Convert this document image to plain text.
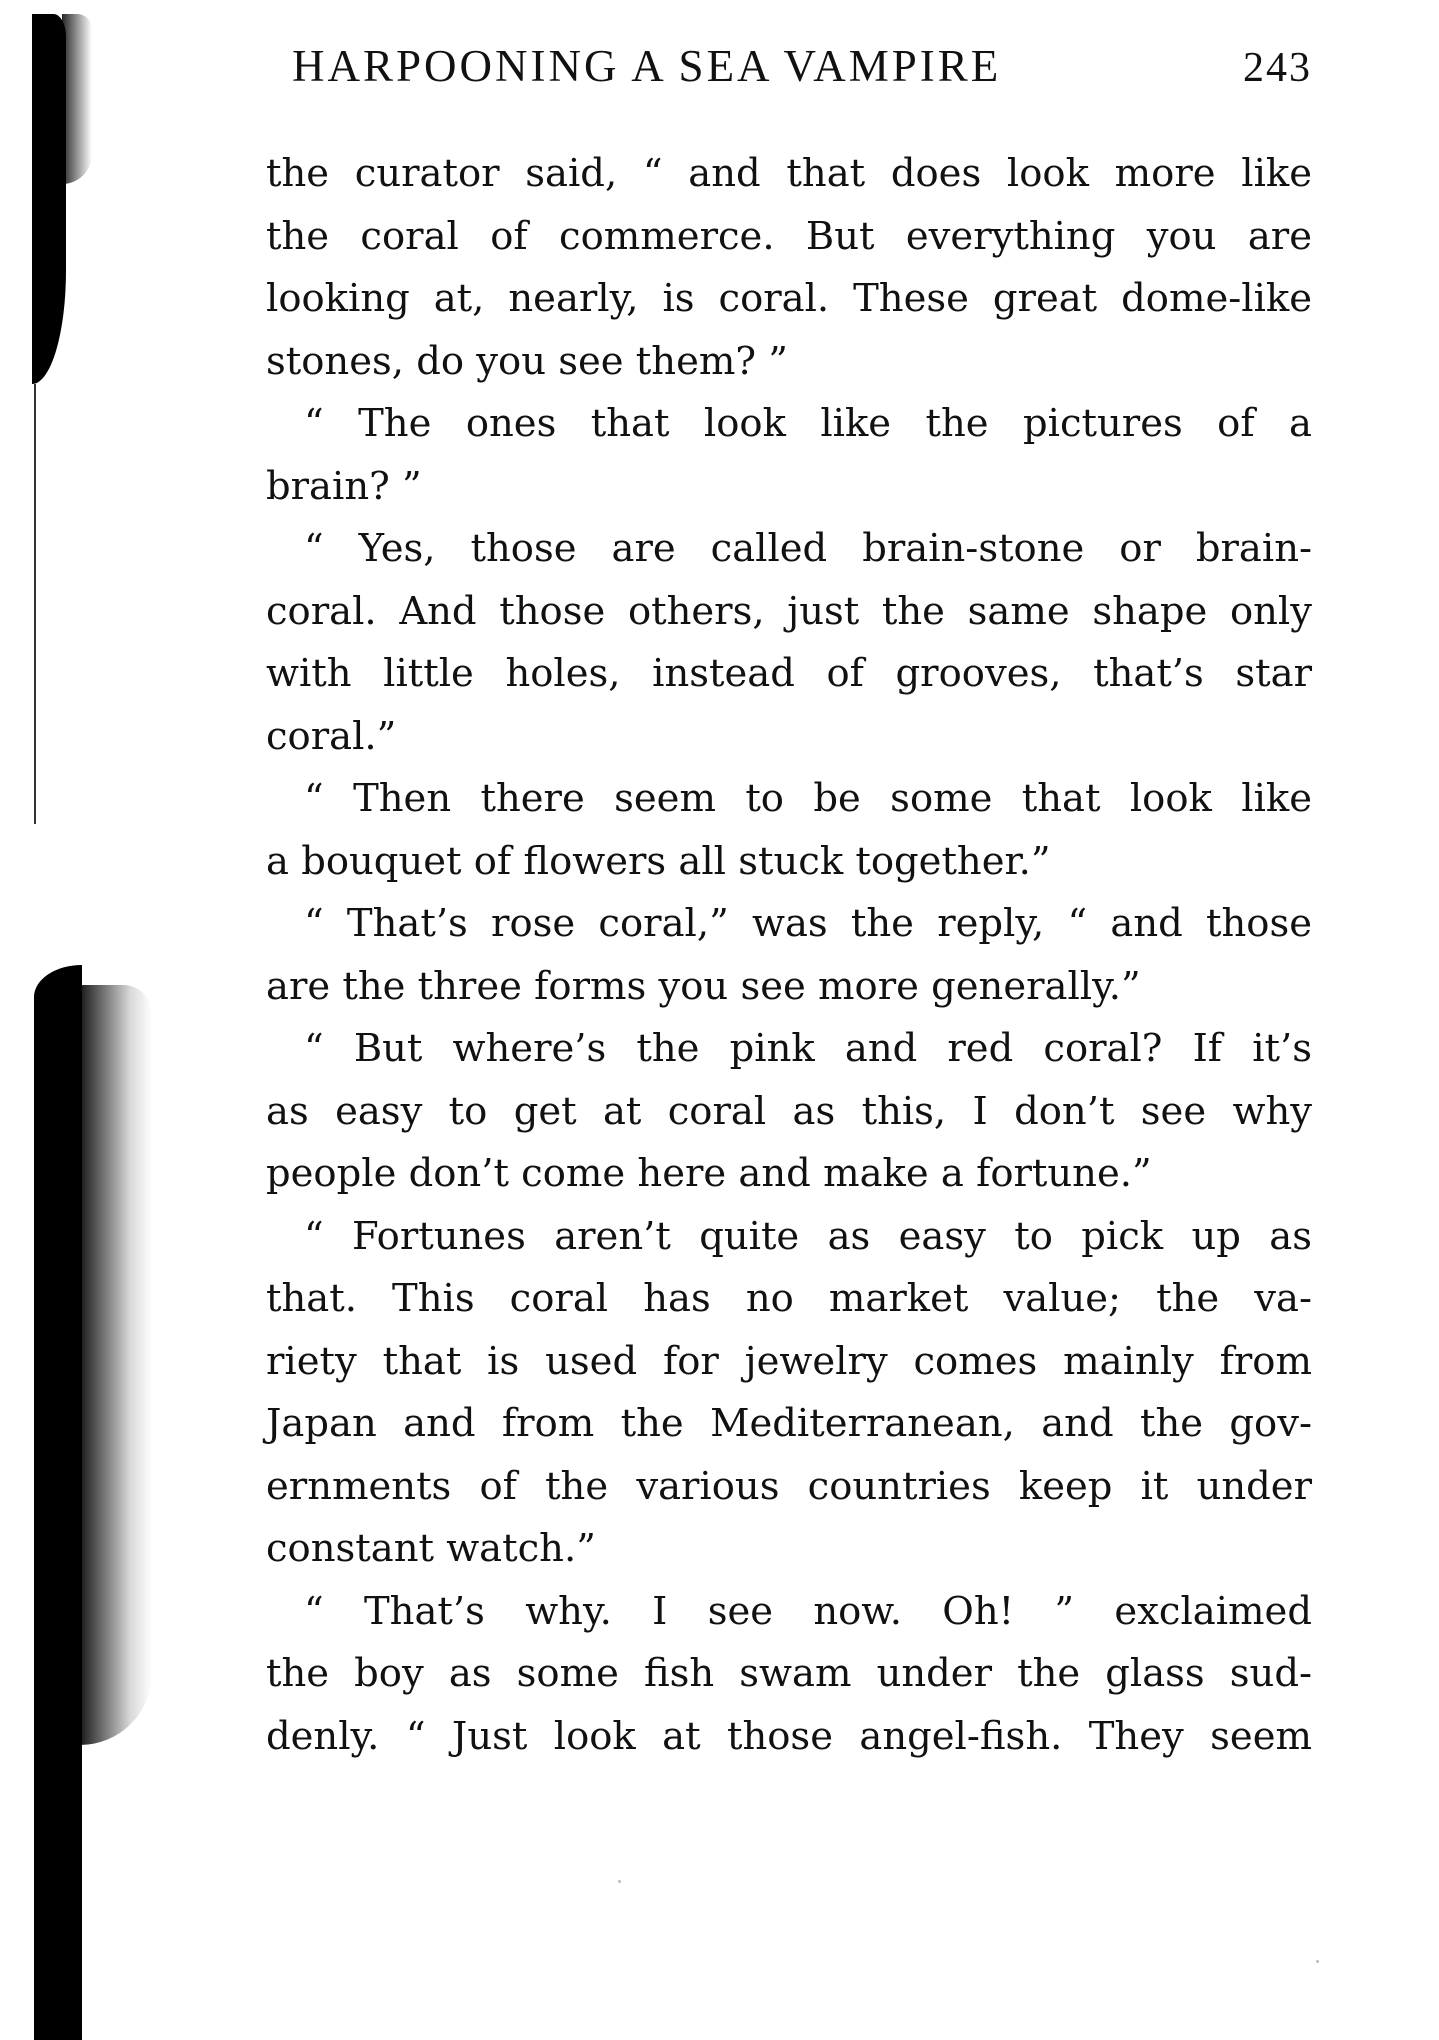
HARPOONING A SEA VAMPIRE	243
the curator said, “ and that does look more like
the coral of commerce. But everything you are
looking at, nearly, is coral. These great dome-like
stones, do you see them? ”
“ The ones that look like the pictures of a
brain? ”
“ Yes, those are called brain-stone or brain-
coral. And those others, just the same shape only
with little holes, instead of grooves, that’s star
coral.”
“ Then there seem to be some that look like
a bouquet of flowers all stuck together.”
“ That’s rose coral,” was the reply, “ and those
are the three forms you see more generally.”
“ But where’s the pink and red coral? If it’s
as easy to get at coral as this, I don’t see why
people don’t come here and make a fortune.”
“ Fortunes aren’t quite as easy to pick up as
that. This coral has no market value; the va-
riety that is used for jewelry comes mainly from
Japan and from the Mediterranean, and the gov-
ernments of the various countries keep it under
constant watch.”
“ That’s why. I see now. Oh! ” exclaimed
the boy as some fish swam under the glass sud-
denly. “ Just look at those angel-fish. They seem
